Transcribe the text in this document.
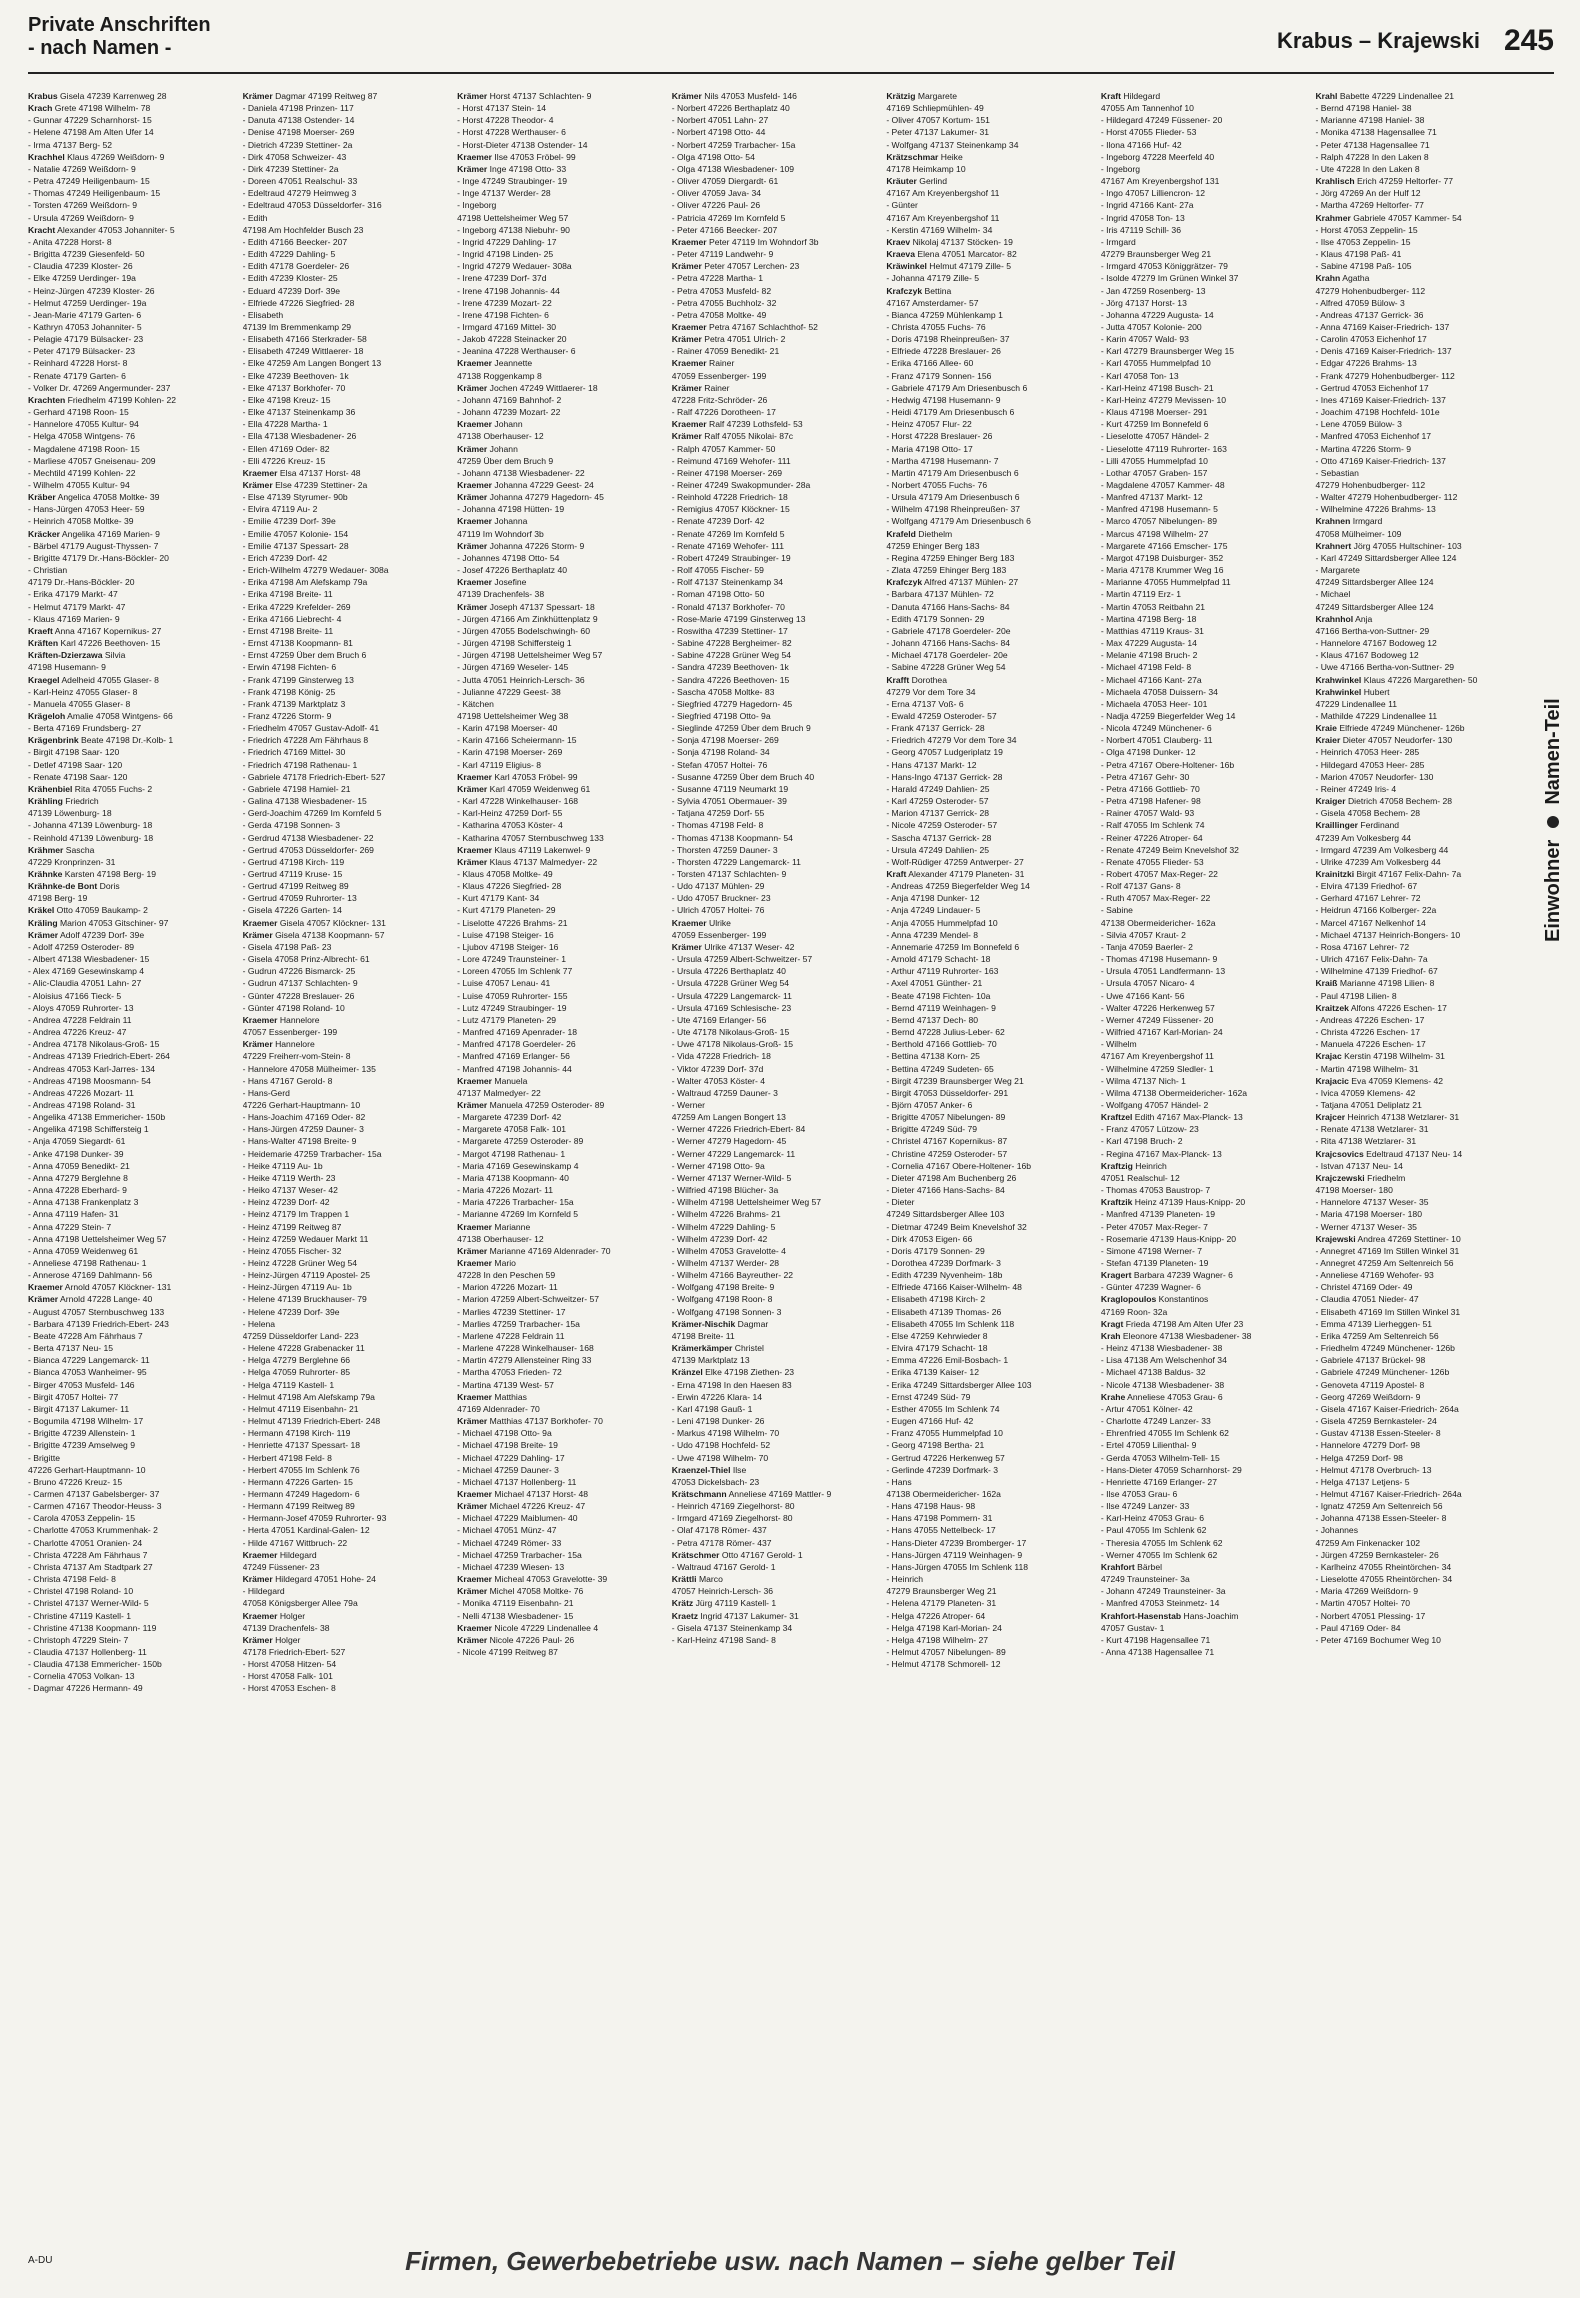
Private Anschriften
- nach Namen -	Krabus – Krajewski 245
Krabus Gisela 47239 Karrenweg 28
Krach Grete 47198 Wilhelm- 78
- Gunnar 47229 Scharnhorst- 15
- Helene 47198 Am Alten Ufer 14
- Irma 47137 Berg- 52
Krachhel Klaus 47269 Weißdorn- 9
- Natalie 47269 Weißdorn- 9
- Petra 47249 Heiligenbaum- 15
- Thomas 47249 Heiligenbaum- 15
- Torsten 47269 Weißdorn- 9
- Ursula 47269 Weißdorn- 9
Kracht Alexander 47053 Johanniter- 5
- Anita 47228 Horst- 8
- Brigitta 47239 Giesenfeld- 50
- Claudia 47239 Kloster- 26
- Elke 47259 Uerdinger- 19a
- Heinz-Jürgen 47239 Kloster- 26
- Helmut 47259 Uerdinger- 19a
- Jean-Marie 47179 Garten- 6
- Kathryn 47053 Johanniter- 5
- Pelagie 47179 Bülsacker- 23
- Peter 47179 Bülsacker- 23
- Reinhard 47228 Horst- 8
- Renate 47179 Garten- 6
- Volker Dr. 47269 Angermunder- 237
Krachten Friedhelm 47199 Kohlen- 22
- Gerhard 47198 Roon- 15
- Hannelore 47055 Kultur- 94
- Helga 47058 Wintgens- 76
- Magdalene 47198 Roon- 15
- Marliese 47057 Gneisenau- 209
- Mechtild 47199 Kohlen- 22
- Wilhelm 47055 Kultur- 94
Kräber Angelica 47058 Moltke- 39
- Hans-Jürgen 47053 Heer- 59
- Heinrich 47058 Moltke- 39
Kräcker Angelika 47169 Marien- 9
- Bärbel 47179 August-Thyssen- 7
- Brigitte 47179 Dr.-Hans-Böckler- 20
- Christian
47179 Dr.-Hans-Böckler- 20
- Erika 47179 Markt- 47
- Helmut 47179 Markt- 47
- Klaus 47169 Marien- 9
Kraeft Anna 47167 Kopernikus- 27
Kräften Karl 47226 Beethoven- 15
Kräften-Dzierzawa Silvia
47198 Husemann- 9
Kraegel Adelheid 47055 Glaser- 8
- Karl-Heinz 47055 Glaser- 8
- Manuela 47055 Glaser- 8
Krägeloh Amalie 47058 Wintgens- 66
- Berta 47169 Frundsberg- 27
Krägenbrink Beate 47198 Dr.-Kolb- 1
- Birgit 47198 Saar- 120
- Detlef 47198 Saar- 120
- Renate 47198 Saar- 120
Krähenbiel Rita 47055 Fuchs- 2
Krähling Friedrich
47139 Löwenburg- 18
- Johanna 47139 Löwenburg- 18
- Reinhold 47139 Löwenburg- 18
Krähmer Sascha
47229 Kronprinzen- 31
Krähnke Karsten 47198 Berg- 19
Krähnke-de Bont Doris
47198 Berg- 19
Kräkel Otto 47059 Baukamp- 2
Kräling Marion 47053 Gitschiner- 97
Krämer Adolf 47239 Dorf- 39e
- Adolf 47259 Osteroder- 89
- Albert 47138 Wiesbadener- 15
- Alex 47169 Gesewinskamp 4
- Alic-Claudia 47051 Lahn- 27
- Aloisius 47166 Tieck- 5
- Aloys 47059 Ruhrorter- 13
- Andrea 47228 Feldrain 11
- Andrea 47226 Kreuz- 47
- Andrea 47178 Nikolaus-Groß- 15
- Andreas 47139 Friedrich-Ebert- 264
- Andreas 47053 Karl-Jarres- 134
- Andreas 47198 Moosmann- 54
- Andreas 47226 Mozart- 11
- Andreas 47198 Roland- 31
- Angelika 47138 Emmericher- 150b
- Angelika 47198 Schiffersteig 1
- Anja 47059 Siegardt- 61
- Anke 47198 Dunker- 39
- Anna 47059 Benedikt- 21
- Anna 47279 Berglehne 8
- Anna 47228 Eberhard- 9
- Anna 47138 Frankenplatz 3
- Anna 47119 Hafen- 31
- Anna 47229 Stein- 7
- Anna 47198 Uettelsheimer Weg 57
- Anna 47059 Weidenweg 61
- Anneliese 47198 Rathenau- 1
- Annerose 47169 Dahlmann- 56
Kraemer Arnold 47057 Klöckner- 131
Krämer Arnold 47228 Lange- 40
- August 47057 Sternbuschweg 133
- Barbara 47139 Friedrich-Ebert- 243
- Beate 47228 Am Fährhaus 7
- Berta 47137 Neu- 15
- Bianca 47229 Langemarck- 11
- Bianca 47053 Wanheimer- 95
- Birger 47053 Musfeld- 146
- Birgit 47057 Holtei- 77
- Birgit 47137 Lakumer- 11
- Bogumila 47198 Wilhelm- 17
- Brigitte 47239 Allenstein- 1
- Brigitte 47239 Amselweg 9
- Brigitte
47226 Gerhart-Hauptmann- 10
- Bruno 47226 Kreuz- 15
- Carmen 47137 Gabelsberger- 37
- Carmen 47167 Theodor-Heuss- 3
- Carola 47053 Zeppelin- 15
- Charlotte 47053 Krummenhak- 2
- Charlotte 47051 Oranien- 24
- Christa 47228 Am Fährhaus 7
- Christa 47137 Am Stadtpark 27
- Christa 47198 Feld- 8
- Christel 47198 Roland- 10
- Christel 47137 Werner-Wild- 5
- Christine 47119 Kastell- 1
- Christine 47138 Koopmann- 119
- Christoph 47229 Stein- 7
- Claudia 47137 Hollenberg- 11
- Claudia 47138 Emmericher- 150b
- Cornelia 47053 Volkan- 13
- Dagmar 47226 Hermann- 49
Krämer Dagmar 47199 Reitweg 87
- Daniela 47198 Prinzen- 117
- Danuta 47138 Ostender- 14
- Denise 47198 Moerser- 269
- Dietrich 47239 Stettiner- 2a
- Dirk 47058 Schweizer- 43
- Dirk 47239 Stettiner- 2a
- Doreen 47051 Realschul- 33
- Edeltraud 47279 Heimweg 3
- Edeltraud 47053 Düsseldorfer- 316
- Edith
47198 Am Hochfelder Busch 23
- Edith 47166 Beecker- 207
- Edith 47229 Dahling- 5
- Edith 47178 Goerdeler- 26
- Edith 47239 Kloster- 25
- Eduard 47239 Dorf- 39e
- Elfriede 47226 Siegfried- 28
- Elisabeth
47139 Im Bremmenkamp 29
- Elisabeth 47166 Sterkrader- 58
- Elisabeth 47249 Wittlaerer- 18
- Elke 47259 Am Langen Bongert 13
- Elke 47239 Beethoven- 1k
- Elke 47137 Borkhofer- 70
- Elke 47198 Kreuz- 15
- Elke 47137 Steinenkamp 36
- Ella 47228 Martha- 1
- Ella 47138 Wiesbadener- 26
- Ellen 47169 Oder- 82
- Elli 47226 Kreuz- 15
Kraemer Elsa 47137 Horst- 48
Krämer Else 47239 Stettiner- 2a
- Else 47139 Styrumer- 90b
- Elvira 47119 Au- 2
- Emilie 47239 Dorf- 39e
- Emilie 47057 Kolonie- 154
- Emilie 47137 Spessart- 28
- Erich 47239 Dorf- 42
- Erich-Wilhelm 47279 Wedauer- 308a
- Erika 47198 Am Alefskamp 79a
- Erika 47198 Breite- 11
- Erika 47229 Krefelder- 269
- Erika 47166 Liebrecht- 4
- Ernst 47198 Breite- 11
- Ernst 47138 Koopmann- 81
- Ernst 47259 Über dem Bruch 6
- Erwin 47198 Fichten- 6
- Frank 47199 Ginsterweg 13
- Frank 47198 König- 25
- Frank 47139 Marktplatz 3
- Franz 47226 Storm- 9
- Friedhelm 47057 Gustav-Adolf- 41
- Friedrich 47228 Am Fährhaus 8
- Friedrich 47169 Mittel- 30
- Friedrich 47198 Rathenau- 1
- Gabriele 47178 Friedrich-Ebert- 527
- Gabriele 47198 Hamiel- 21
- Galina 47138 Wiesbadener- 15
- Gerd-Joachim 47269 Im Kornfeld 5
- Gerda 47198 Sonnen- 3
- Gerdrud 47138 Wiesbadener- 22
- Gertrud 47053 Düsseldorfer- 269
- Gertrud 47198 Kirch- 119
- Gertrud 47119 Kruse- 15
- Gertrud 47199 Reitweg 89
- Gertrud 47059 Ruhrorter- 13
- Gisela 47226 Garten- 14
Kraemer Gisela 47057 Klöckner- 131
Krämer Gisela 47138 Koopmann- 57
- Gisela 47198 Paß- 23
- Gisela 47058 Prinz-Albrecht- 61
- Gudrun 47226 Bismarck- 25
- Gudrun 47137 Schlachten- 9
- Günter 47228 Breslauer- 26
- Günter 47198 Roland- 10
Kraemer Hannelore
47057 Essenberger- 199
Krämer Hannelore
47229 Freiherr-vom-Stein- 8
- Hannelore 47058 Mülheimer- 135
- Hans 47167 Gerold- 8
- Hans-Gerd
47226 Gerhart-Hauptmann- 10
- Hans-Joachim 47169 Oder- 82
- Hans-Jürgen 47259 Dauner- 3
- Hans-Walter 47198 Breite- 9
- Heidemarie 47259 Trarbacher- 15a
- Heike 47119 Au- 1b
- Heike 47119 Werth- 23
- Heiko 47137 Weser- 42
- Heinz 47239 Dorf- 42
- Heinz 47179 Im Trappen 1
- Heinz 47199 Reitweg 87
- Heinz 47259 Wedauer Markt 11
- Heinz 47055 Fischer- 32
- Heinz 47228 Grüner Weg 54
- Heinz-Jürgen 47119 Apostel- 25
- Heinz-Jürgen 47119 Au- 1b
- Helene 47139 Bruckhauser- 79
- Helene 47239 Dorf- 39e
- Helena
47259 Düsseldorfer Land- 223
- Helene 47228 Grabenacker 11
- Helga 47279 Berglehne 66
- Helga 47059 Ruhrorter- 85
- Helga 47119 Kastell- 1
- Helmut 47198 Am Alefskamp 79a
- Helmut 47119 Eisenbahn- 21
- Helmut 47139 Friedrich-Ebert- 248
- Hermann 47198 Kirch- 119
- Henriette 47137 Spessart- 18
- Herbert 47198 Feld- 8
- Herbert 47055 Im Schlenk 76
- Hermann 47226 Garten- 15
- Hermann 47249 Hagedorn- 6
- Hermann 47199 Reitweg 89
- Hermann-Josef 47059 Ruhrorter- 93
- Herta 47051 Kardinal-Galen- 12
- Hilde 47167 Wittbruch- 22
Kraemer Hildegard
47249 Füssener- 23
Krämer Hildegard 47051 Hohe- 24
- Hildegard
47058 Königsberger Allee 79a
Kraemer Holger
47139 Drachenfels- 38
Krämer Holger
47178 Friedrich-Ebert- 527
- Horst 47058 Hitzen- 54
- Horst 47058 Falk- 101
- Horst 47053 Eschen- 8
Krämer Horst 47137 Schlachten- 9
- Horst 47137 Stein- 14
- Horst 47228 Theodor- 4
- Horst 47228 Werthauser- 6
- Horst-Dieter 47138 Ostender- 14
Kraemer Ilse 47053 Fröbel- 99
Krämer Inge 47198 Otto- 33
- Inge 47249 Straubinger- 19
- Inge 47137 Werder- 28
- Ingeborg
47198 Uettelsheimer Weg 57
- Ingeborg 47138 Niebuhr- 90
- Ingrid 47229 Dahling- 17
- Ingrid 47198 Linden- 25
- Ingrid 47279 Wedauer- 308a
- Irene 47239 Dorf- 37d
- Irene 47198 Johannis- 44
- Irene 47239 Mozart- 22
- Irene 47198 Fichten- 6
- Irmgard 47169 Mittel- 30
- Jakob 47228 Steinacker 20
- Jeanina 47228 Werthauser- 6
Kraemer Jeannette
47138 Roggenkamp 8
Krämer Jochen 47249 Wittlaerer- 18
- Johann 47169 Bahnhof- 2
- Johann 47239 Mozart- 22
Kraemer Johann
47138 Oberhauser- 12
Krämer Johann
47259 Über dem Bruch 9
- Johann 47138 Wiesbadener- 22
Kraemer Johanna 47229 Geest- 24
Krämer Johanna 47279 Hagedorn- 45
- Johanna 47198 Hütten- 19
Kraemer Johanna
47119 Im Wohndorf 3b
Krämer Johanna 47226 Storm- 9
- Johannes 47198 Otto- 54
- Josef 47226 Berthaplatz 40
Kraemer Josefine
47139 Drachenfels- 38
Krämer Joseph 47137 Spessart- 18
- Jürgen 47166 Am Zinkhüttenplatz 9
- Jürgen 47055 Bodelschwingh- 60
- Jürgen 47198 Schiffersteig 1
- Jürgen 47198 Uettelsheimer Weg 57
- Jürgen 47169 Weseler- 145
- Jutta 47051 Heinrich-Lersch- 36
- Julianne 47229 Geest- 38
- Kätchen
47198 Uettelsheimer Weg 38
- Karin 47198 Moerser- 40
- Karin 47166 Scheiermann- 15
- Karin 47198 Moerser- 269
- Karl 47119 Eligius- 8
Kraemer Karl 47053 Fröbel- 99
Krämer Karl 47059 Weidenweg 61
- Karl 47228 Winkelhauser- 168
- Karl-Heinz 47259 Dorf- 55
- Katharina 47053 Köster- 4
- Katharina 47057 Sternbuschweg 133
Kraemer Klaus 47119 Lakenwel- 9
Krämer Klaus 47137 Malmedyer- 22
- Klaus 47058 Moltke- 49
- Klaus 47226 Siegfried- 28
- Kurt 47179 Kant- 34
- Kurt 47179 Planeten- 29
- Liselotte 47226 Brahms- 21
- Luise 47198 Steiger- 16
- Ljubov 47198 Steiger- 16
- Lore 47249 Traunsteiner- 1
- Loreen 47055 Im Schlenk 77
- Luise 47057 Lenau- 41
- Luise 47059 Ruhrorter- 155
- Lutz 47249 Straubinger- 19
- Lutz 47179 Planeten- 29
- Manfred 47169 Apenrader- 18
- Manfred 47178 Goerdeler- 26
- Manfred 47169 Erlanger- 56
- Manfred 47198 Johannis- 44
Kraemer Manuela
47137 Malmedyer- 22
Krämer Manuela 47259 Osteroder- 89
- Margarete 47239 Dorf- 42
- Margarete 47058 Falk- 101
- Margarete 47259 Osteroder- 89
- Margot 47198 Rathenau- 1
- Maria 47169 Gesewinskamp 4
- Maria 47138 Koopmann- 40
- Maria 47226 Mozart- 11
- Maria 47226 Trarbacher- 15a
- Marianne 47269 Im Kornfeld 5
Kraemer Marianne
47138 Oberhauser- 12
Krämer Marianne 47169 Aldenrader- 70
Kraemer Mario
47228 In den Peschen 59
- Marion 47226 Mozart- 11
- Marion 47259 Albert-Schweitzer- 57
- Marlies 47239 Stettiner- 17
- Marlies 47259 Trarbacher- 15a
- Marlene 47228 Feldrain 11
- Marlene 47228 Winkelhauser- 168
- Martin 47279 Allensteiner Ring 33
- Martha 47053 Frieden- 72
- Martina 47139 West- 57
Kraemer Matthias
47169 Aldenrader- 70
Krämer Matthias 47137 Borkhofer- 70
- Michael 47198 Otto- 9a
- Michael 47198 Breite- 19
- Michael 47229 Dahling- 17
- Michael 47259 Dauner- 3
- Michael 47137 Hollenberg- 11
Kraemer Michael 47137 Horst- 48
Krämer Michael 47226 Kreuz- 47
- Michael 47229 Maiblumen- 40
- Michael 47051 Münz- 47
- Michael 47249 Römer- 33
- Michael 47259 Trarbacher- 15a
- Michael 47239 Wiesen- 13
Kraemer Micheal 47053 Gravelotte- 39
Krämer Michel 47058 Moltke- 76
- Monika 47119 Eisenbahn- 21
- Nelli 47138 Wiesbadener- 15
Kraemer Nicole 47229 Lindenallee 4
Krämer Nicole 47226 Paul- 26
- Nicole 47199 Reitweg 87
Krämer Nils 47053 Musfeld- 146
- Norbert 47226 Berthaplatz 40
- Norbert 47051 Lahn- 27
- Norbert 47198 Otto- 44
- Norbert 47259 Trarbacher- 15a
- Olga 47198 Otto- 54
- Olga 47138 Wiesbadener- 109
- Oliver 47059 Diergardt- 61
- Oliver 47059 Java- 34
- Oliver 47226 Paul- 26
- Patricia 47269 Im Kornfeld 5
- Peter 47166 Beecker- 207
Kraemer Peter 47119 Im Wohndorf 3b
- Peter 47119 Landwehr- 9
Krämer Peter 47057 Lerchen- 23
- Petra 47228 Martha- 1
- Petra 47053 Musfeld- 82
- Petra 47055 Buchholz- 32
- Petra 47058 Moltke- 49
Kraemer Petra 47167 Schlachthof- 52
Krämer Petra 47051 Ulrich- 2
- Rainer 47059 Benedikt- 21
Kraemer Rainer
47059 Essenberger- 199
Krämer Rainer
47228 Fritz-Schröder- 26
- Ralf 47226 Dorotheen- 17
Kraemer Ralf 47239 Lothsfeld- 53
Krämer Ralf 47055 Nikolai- 87c
- Ralph 47057 Kammer- 50
- Reimund 47169 Wehofer- 111
- Reiner 47198 Moerser- 269
- Reiner 47249 Swakopmunder- 28a
- Reinhold 47228 Friedrich- 18
- Remigius 47057 Klöckner- 15
- Renate 47239 Dorf- 42
- Renate 47269 Im Kornfeld 5
- Renate 47169 Wehofer- 111
- Robert 47249 Straubinger- 19
- Rolf 47055 Fischer- 59
- Rolf 47137 Steinenkamp 34
- Roman 47198 Otto- 50
- Ronald 47137 Borkhofer- 70
- Rose-Marie 47199 Ginsterweg 13
- Roswitha 47239 Stettiner- 17
- Sabine 47228 Bergheimer- 82
- Sabine 47228 Grüner Weg 54
- Sandra 47239 Beethoven- 1k
- Sandra 47226 Beethoven- 15
- Sascha 47058 Moltke- 83
- Siegfried 47279 Hagedorn- 45
- Siegfried 47198 Otto- 9a
- Sieglinde 47259 Über dem Bruch 9
- Sonja 47198 Moerser- 269
- Sonja 47198 Roland- 34
- Stefan 47057 Holtei- 76
- Susanne 47259 Über dem Bruch 40
- Susanne 47119 Neumarkt 19
- Sylvia 47051 Obermauer- 39
- Tatjana 47259 Dorf- 55
- Thomas 47198 Feld- 8
- Thomas 47138 Koopmann- 54
- Thorsten 47259 Dauner- 3
- Thorsten 47229 Langemarck- 11
- Torsten 47137 Schlachten- 9
- Udo 47137 Mühlen- 29
- Udo 47057 Bruckner- 23
- Ulrich 47057 Holtei- 76
Kraemer Ulrike
47059 Essenberger- 199
Krämer Ulrike 47137 Weser- 42
- Ursula 47259 Albert-Schweitzer- 57
- Ursula 47226 Berthaplatz 40
- Ursula 47228 Grüner Weg 54
- Ursula 47229 Langemarck- 11
- Ursula 47169 Schlesische- 23
- Ute 47169 Erlanger- 56
- Ute 47178 Nikolaus-Groß- 15
- Uwe 47178 Nikolaus-Groß- 15
- Vida 47228 Friedrich- 18
- Viktor 47239 Dorf- 37d
- Walter 47053 Köster- 4
- Waltraud 47259 Dauner- 3
- Werner
47259 Am Langen Bongert 13
- Werner 47226 Friedrich-Ebert- 84
- Werner 47279 Hagedorn- 45
- Werner 47229 Langemarck- 11
- Werner 47198 Otto- 9a
- Werner 47137 Werner-Wild- 5
- Wilfried 47198 Blücher- 3a
- Wilhelm 47198 Uettelsheimer Weg 57
- Wilhelm 47226 Brahms- 21
- Wilhelm 47229 Dahling- 5
- Wilhelm 47239 Dorf- 42
- Wilhelm 47053 Gravelotte- 4
- Wilhelm 47137 Werder- 28
- Wilhelm 47166 Bayreuther- 22
- Wolfgang 47198 Breite- 9
- Wolfgang 47198 Roon- 8
- Wolfgang 47198 Sonnen- 3
Krämer-Nischik Dagmar
47198 Breite- 11
Krämerkämper Christel
47139 Marktplatz 13
Kränzel Elke 47198 Ziethen- 23
- Erna 47198 In den Haesen 83
- Erwin 47226 Klara- 14
- Karl 47198 Gauß- 1
- Leni 47198 Dunker- 26
- Markus 47198 Wilhelm- 70
- Udo 47198 Hochfeld- 52
- Uwe 47198 Wilhelm- 70
Kraenzel-Thiel Ilse
47053 Dickelsbach- 23
Krätschmann Anneliese 47169 Mattler- 9
- Heinrich 47169 Ziegelhorst- 80
- Irmgard 47169 Ziegelhorst- 80
- Olaf 47178 Römer- 437
- Petra 47178 Römer- 437
Krätschmer Otto 47167 Gerold- 1
- Waltraud 47167 Gerold- 1
Krättli Marco
47057 Heinrich-Lersch- 36
Krätz Jürg 47119 Kastell- 1
Kraetz Ingrid 47137 Lakumer- 31
- Gisela 47137 Steinenkamp 34
- Karl-Heinz 47198 Sand- 8
Krätzig Margarete
47169 Schliepmühlen- 49
- Oliver 47057 Kortum- 151
- Peter 47137 Lakumer- 31
- Wolfgang 47137 Steinenkamp 34
Krätzschmar Heike
47178 Heimkamp 10
Kräuter Gerlind
47167 Am Kreyenbergshof 11
- Günter
47167 Am Kreyenbergshof 11
- Kerstin 47169 Wilhelm- 34
Kraev Nikolaj 47137 Stöcken- 19
Kraeva Elena 47051 Marcator- 82
Kräwinkel Helmut 47179 Zille- 5
- Johanna 47179 Zille- 5
Krafczyk Bettina
47167 Amsterdamer- 57
- Bianca 47259 Mühlenkamp 1
- Christa 47055 Fuchs- 76
- Doris 47198 Rheinpreußen- 37
- Elfriede 47228 Breslauer- 26
- Erika 47166 Allee- 60
- Franz 47179 Sonnen- 156
- Gabriele 47179 Am Driesenbusch 6
- Hedwig 47198 Husemann- 9
- Heidi 47179 Am Driesenbusch 6
- Heinz 47057 Flur- 22
- Horst 47228 Breslauer- 26
- Maria 47198 Otto- 17
- Martha 47198 Husemann- 7
- Martin 47179 Am Driesenbusch 6
- Norbert 47055 Fuchs- 76
- Ursula 47179 Am Driesenbusch 6
- Wilhelm 47198 Rheinpreußen- 37
- Wolfgang 47179 Am Driesenbusch 6
Krafeld Diethelm
47259 Ehinger Berg 183
- Regina 47259 Ehinger Berg 183
- Zlata 47259 Ehinger Berg 183
Krafczyk Alfred 47137 Mühlen- 27
- Barbara 47137 Mühlen- 72
- Danuta 47166 Hans-Sachs- 84
- Edith 47179 Sonnen- 29
- Gabriele 47178 Goerdeler- 20e
- Johann 47166 Hans-Sachs- 84
- Michael 47178 Goerdeler- 20e
- Sabine 47228 Grüner Weg 54
Krafft Dorothea
47279 Vor dem Tore 34
- Erna 47137 Voß- 6
- Ewald 47259 Osteroder- 57
- Frank 47137 Gerrick- 28
- Friedrich 47279 Vor dem Tore 34
- Georg 47057 Ludgeriplatz 19
- Hans 47137 Markt- 12
- Hans-Ingo 47137 Gerrick- 28
- Harald 47249 Dahlien- 25
- Karl 47259 Osteroder- 57
- Marion 47137 Gerrick- 28
- Nicole 47259 Osteroder- 57
- Sascha 47137 Gerrick- 28
- Ursula 47249 Dahlien- 25
- Wolf-Rüdiger 47259 Antwerper- 27
Kraft Alexander 47179 Planeten- 31
- Andreas 47259 Biegerfelder Weg 14
- Anja 47198 Dunker- 12
- Anja 47249 Lindauer- 5
- Anja 47055 Hummelpfad 10
- Anna 47239 Mendel- 8
- Annemarie 47259 Im Bonnefeld 6
- Arnold 47179 Schacht- 18
- Arthur 47119 Ruhrorter- 163
- Axel 47051 Günther- 21
- Beate 47198 Fichten- 10a
- Bernd 47119 Weinhagen- 9
- Bernd 47137 Dech- 80
- Bernd 47228 Julius-Leber- 62
- Berthold 47166 Gottlieb- 70
- Bettina 47138 Korn- 25
- Bettina 47249 Sudeten- 65
- Birgit 47239 Braunsberger Weg 21
- Birgit 47053 Düsseldorfer- 291
- Björn 47057 Anker- 6
- Brigitte 47057 Nibelungen- 89
- Brigitte 47249 Süd- 79
- Christel 47167 Kopernikus- 87
- Christine 47259 Osteroder- 57
- Cornelia 47167 Obere-Holtener- 16b
- Dieter 47198 Am Buchenberg 26
- Dieter 47166 Hans-Sachs- 84
- Dieter
47249 Sittardsberger Allee 103
- Dietmar 47249 Beim Knevelshof 32
- Dirk 47053 Eigen- 66
- Doris 47179 Sonnen- 29
- Dorothea 47239 Dorfmark- 3
- Edith 47239 Nyvenheim- 18b
- Elfriede 47166 Kaiser-Wilhelm- 48
- Elisabeth 47198 Kirch- 2
- Elisabeth 47139 Thomas- 26
- Elisabeth 47055 Im Schlenk 118
- Else 47259 Kehrwieder 8
- Elvira 47179 Schacht- 18
- Emma 47226 Emil-Bosbach- 1
- Erika 47139 Kaiser- 12
- Erika 47249 Sittardsberger Allee 103
- Ernst 47249 Süd- 79
- Esther 47055 Im Schlenk 74
- Eugen 47166 Huf- 42
- Franz 47055 Hummelpfad 10
- Georg 47198 Bertha- 21
- Gertrud 47226 Herkenweg 57
- Gerlinde 47239 Dorfmark- 3
- Hans
47138 Obermeidericher- 162a
- Hans 47198 Haus- 98
- Hans 47198 Pommern- 31
- Hans 47055 Nettelbeck- 17
- Hans-Dieter 47239 Bromberger- 17
- Hans-Jürgen 47119 Weinhagen- 9
- Hans-Jürgen 47055 Im Schlenk 118
- Heinrich
47279 Braunsberger Weg 21
- Helena 47179 Planeten- 31
- Helga 47226 Atroper- 64
- Helga 47198 Karl-Morian- 24
- Helga 47198 Wilhelm- 27
- Helmut 47057 Nibelungen- 89
- Helmut 47178 Schmorell- 12
Kraft Hildegard
47055 Am Tannenhof 10
- Hildegard 47249 Füssener- 20
- Horst 47055 Flieder- 53
- Ilona 47166 Huf- 42
- Ingeborg 47228 Meerfeld 40
- Ingeborg
47167 Am Kreyenbergshof 131
- Ingo 47057 Lilliencron- 12
- Ingrid 47166 Kant- 27a
- Ingrid 47058 Ton- 13
- Iris 47119 Schill- 36
- Irmgard
47279 Braunsberger Weg 21
- Irmgard 47053 Königgrätzer- 79
- Isolde 47279 Im Grünen Winkel 37
- Jan 47259 Rosenberg- 13
- Jörg 47137 Horst- 13
- Johanna 47229 Augusta- 14
- Jutta 47057 Kolonie- 200
- Karin 47057 Wald- 93
- Karl 47279 Braunsberger Weg 15
- Karl 47055 Hummelpfad 10
- Karl 47058 Ton- 13
- Karl-Heinz 47198 Busch- 21
- Karl-Heinz 47279 Mevissen- 10
- Klaus 47198 Moerser- 291
- Kurt 47259 Im Bonnefeld 6
- Lieselotte 47057 Händel- 2
- Lieselotte 47119 Ruhrorter- 163
- Lilli 47055 Hummelpfad 10
- Lothar 47057 Graben- 157
- Magdalene 47057 Kammer- 48
- Manfred 47137 Markt- 12
- Manfred 47198 Husemann- 5
- Marco 47057 Nibelungen- 89
- Marcus 47198 Wilhelm- 27
- Margarete 47166 Emscher- 175
- Margot 47198 Duisburger- 352
- Maria 47178 Krummer Weg 16
- Marianne 47055 Hummelpfad 11
- Martin 47119 Erz- 1
- Martin 47053 Reitbahn 21
- Martina 47198 Berg- 18
- Matthias 47119 Kraus- 31
- Max 47229 Augusta- 14
- Melanie 47198 Bruch- 2
- Michael 47198 Feld- 8
- Michael 47166 Kant- 27a
- Michaela 47058 Duissern- 34
- Michaela 47053 Heer- 101
- Nadja 47259 Biegerfelder Weg 14
- Nicola 47249 Münchener- 6
- Norbert 47051 Clauberg- 11
- Olga 47198 Dunker- 12
- Petra 47167 Obere-Holtener- 16b
- Petra 47167 Gehr- 30
- Petra 47166 Gottlieb- 70
- Petra 47198 Hafener- 98
- Rainer 47057 Wald- 93
- Ralf 47055 Im Schlenk 74
- Reiner 47226 Atroper- 64
- Renate 47249 Beim Knevelshof 32
- Renate 47055 Flieder- 53
- Robert 47057 Max-Reger- 22
- Rolf 47137 Gans- 8
- Ruth 47057 Max-Reger- 22
- Sabine
47138 Obermeidericher- 162a
- Silvia 47057 Kraut- 2
- Tanja 47059 Baerler- 2
- Thomas 47198 Husemann- 9
- Ursula 47051 Landfermann- 13
- Ursula 47057 Nicaro- 4
- Uwe 47166 Kant- 56
- Walter 47226 Herkenweg 57
- Werner 47249 Füssener- 20
- Wilfried 47167 Karl-Morian- 24
- Wilhelm
47167 Am Kreyenbergshof 11
- Wilhelmine 47259 Sledler- 1
- Wilma 47137 Nich- 1
- Wilma 47138 Obermeidericher- 162a
- Wolfgang 47057 Händel- 2
Kraftzel Edith 47167 Max-Planck- 13
- Franz 47057 Lützow- 23
- Karl 47198 Bruch- 2
- Regina 47167 Max-Planck- 13
Kraftzig Heinrich
47051 Realschul- 12
- Thomas 47053 Baustrop- 7
Kraftzik Heinz 47139 Haus-Knipp- 20
- Manfred 47139 Planeten- 19
- Peter 47057 Max-Reger- 7
- Rosemarie 47139 Haus-Knipp- 20
- Simone 47198 Werner- 7
- Stefan 47139 Planeten- 19
Kragert Barbara 47239 Wagner- 6
- Günter 47239 Wagner- 6
Kraglopoulos Konstantinos
47169 Roon- 32a
Kragt Frieda 47198 Am Alten Ufer 23
Krah Eleonore 47138 Wiesbadener- 38
- Heinz 47138 Wiesbadener- 38
- Lisa 47138 Am Welschenhof 34
- Michael 47138 Baldus- 32
- Nicole 47138 Wiesbadener- 38
Krahe Anneliese 47053 Grau- 6
- Artur 47051 Kölner- 42
- Charlotte 47249 Lanzer- 33
- Ehrenfried 47055 Im Schlenk 62
- Ertel 47059 Lilienthal- 9
- Gerda 47053 Wilhelm-Tell- 15
- Hans-Dieter 47059 Scharnhorst- 29
- Henriette 47169 Erlanger- 27
- Ilse 47053 Grau- 6
- Ilse 47249 Lanzer- 33
- Karl-Heinz 47053 Grau- 6
- Paul 47055 Im Schlenk 62
- Theresia 47055 Im Schlenk 62
- Werner 47055 Im Schlenk 62
Krahfort Bärbel
47249 Traunsteiner- 3a
- Johann 47249 Traunsteiner- 3a
- Manfred 47053 Steinmetz- 14
Krahfort-Hasenstab Hans-Joachim
47057 Gustav- 1
- Kurt 47198 Hagensallee 71
- Anna 47138 Hagensallee 71
Krahl Babette 47229 Lindenallee 21
- Bernd 47198 Haniel- 38
- Marianne 47198 Haniel- 38
- Monika 47138 Hagensallee 71
- Peter 47138 Hagensallee 71
- Ralph 47228 In den Laken 8
- Ute 47228 In den Laken 8
Krahlisch Erich 47259 Heltorfer- 77
- Jörg 47269 An der Hulf 12
- Martha 47269 Heltorfer- 77
Krahmer Gabriele 47057 Kammer- 54
- Horst 47053 Zeppelin- 15
- Ilse 47053 Zeppelin- 15
- Klaus 47198 Paß- 41
- Sabine 47198 Paß- 105
Krahn Agatha
47279 Hohenbudberger- 112
- Alfred 47059 Bülow- 3
- Andreas 47137 Gerrick- 36
- Anna 47169 Kaiser-Friedrich- 137
- Carolin 47053 Eichenhof 17
- Denis 47169 Kaiser-Friedrich- 137
- Edgar 47226 Brahms- 13
- Frank 47279 Hohenbudberger- 112
- Gertrud 47053 Eichenhof 17
- Ines 47169 Kaiser-Friedrich- 137
- Joachim 47198 Hochfeld- 101e
- Lene 47059 Bülow- 3
- Manfred 47053 Eichenhof 17
- Martina 47226 Storm- 9
- Otto 47169 Kaiser-Friedrich- 137
- Sebastian
47279 Hohenbudberger- 112
- Walter 47279 Hohenbudberger- 112
- Wilhelmine 47226 Brahms- 13
Krahnen Irmgard
47058 Mülheimer- 109
Krahnert Jörg 47055 Hultschiner- 103
- Karl 47249 Sittardsberger Allee 124
- Margarete
47249 Sittardsberger Allee 124
- Michael
47249 Sittardsberger Allee 124
Krahnhol Anja
47166 Bertha-von-Suttner- 29
- Hannelore 47167 Bodoweg 12
- Klaus 47167 Bodoweg 12
- Uwe 47166 Bertha-von-Suttner- 29
Krahwinkel Klaus 47226 Margarethen- 50
Krahwinkel Hubert
47229 Lindenallee 11
- Mathilde 47229 Lindenallee 11
Kraie Elfriede 47249 Münchener- 126b
Kraier Dieter 47057 Neudorfer- 130
- Heinrich 47053 Heer- 285
- Hildegard 47053 Heer- 285
- Marion 47057 Neudorfer- 130
- Reiner 47249 Iris- 4
Kraiger Dietrich 47058 Bechem- 28
- Gisela 47058 Bechem- 28
Kraillinger Ferdinand
47239 Am Volkesberg 44
- Irmgard 47239 Am Volkesberg 44
- Ulrike 47239 Am Volkesberg 44
Krainitzki Birgit 47167 Felix-Dahn- 7a
- Elvira 47139 Friedhof- 67
- Gerhard 47167 Lehrer- 72
- Heidrun 47166 Kolberger- 22a
- Marcel 47167 Nelkenhof 14
- Michael 47137 Heinrich-Bongers- 10
- Rosa 47167 Lehrer- 72
- Ulrich 47167 Felix-Dahn- 7a
- Wilhelmine 47139 Friedhof- 67
Kraiß Marianne 47198 Lilien- 8
- Paul 47198 Lilien- 8
Kraitzek Alfons 47226 Eschen- 17
- Andreas 47226 Eschen- 17
- Christa 47226 Eschen- 17
- Manuela 47226 Eschen- 17
Krajac Kerstin 47198 Wilhelm- 31
- Martin 47198 Wilhelm- 31
Krajacic Eva 47059 Klemens- 42
- Ivica 47059 Klemens- 42
- Tatjana 47051 Deliplatz 21
Krajcer Heinrich 47138 Wetzlarer- 31
- Renate 47138 Wetzlarer- 31
- Rita 47138 Wetzlarer- 31
Krajcsovics Edeltraud 47137 Neu- 14
- Istvan 47137 Neu- 14
Krajczewski Friedhelm
47198 Moerser- 180
- Hannelore 47137 Weser- 35
- Maria 47198 Moerser- 180
- Werner 47137 Weser- 35
Krajewski Andrea 47269 Stettiner- 10
- Annegret 47169 Im Stillen Winkel 31
- Annegret 47259 Am Seltenreich 56
- Anneliese 47169 Wehofer- 93
- Christel 47169 Oder- 49
- Claudia 47051 Nieder- 47
- Elisabeth 47169 Im Stillen Winkel 31
- Emma 47139 Lierheggen- 51
- Erika 47259 Am Seltenreich 56
- Friedhelm 47249 Münchener- 126b
- Gabriele 47137 Brückel- 98
- Gabriele 47249 Münchener- 126b
- Genoveta 47119 Apostel- 8
- Georg 47269 Weißdorn- 9
- Gisela 47167 Kaiser-Friedrich- 264a
- Gisela 47259 Bernkasteler- 24
- Gustav 47138 Essen-Steeler- 8
- Hannelore 47279 Dorf- 98
- Helga 47259 Dorf- 98
- Helmut 47178 Overbruch- 13
- Helga 47137 Letjens- 5
- Helmut 47167 Kaiser-Friedrich- 264a
- Ignatz 47259 Am Seltenreich 56
- Johanna 47138 Essen-Steeler- 8
- Johannes
47259 Am Finkenacker 102
- Jürgen 47259 Bernkasteler- 26
- Karlheinz 47055 Rheintörchen- 34
- Lieselotte 47055 Rheintörchen- 34
- Maria 47269 Weißdorn- 9
- Martin 47057 Holtei- 70
- Norbert 47051 Plessing- 17
- Paul 47169 Oder- 84
- Peter 47169 Bochumer Weg 10
Einwohner  Namen-Teil
A-DU	Firmen, Gewerbebetriebe usw. nach Namen – siehe gelber Teil
